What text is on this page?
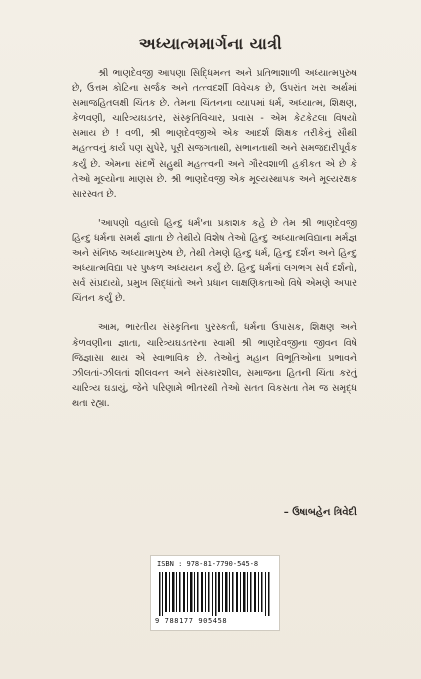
અધ્યાત્મમાર્ગના યાત્રી

શ્રી ભાણદેવજી આપણા સિદ્ધિમન્ત અને પ્રતિભાશાળી અધ્યાત્મપુરુષ છે, ઉત્તમ કોટિના સર્જક અને તત્ત્વદર્શી વિવેચક છે, ઉપરાંત ખરા અર્થમાં સમાજહિતલક્ષી ચિંતક છે. તેમના ચિંતનના વ્યાપમાં ધર્મ, અધ્યાત્મ, શિક્ષણ, કેળવણી, ચારિત્ર્યઘડતર, સંસ્કૃતિવિચાર, પ્રવાસ - એમ કેટકેટલા વિષયો સમાય છે ! વળી, શ્રી ભાણદેવજીએ એક આદર્શ શિક્ષક તરીકેનું સૌથી મહત્ત્વનું કાર્ય પણ સુપેરે, પૂરી સજગતાથી, સભાનતાથી અને સમજદારીપૂર્વક કર્યું છે. એમના સંદર્ભે સહુથી મહત્ત્વની અને ગૌરવશાળી હકીકત એ છે કે તેઓ મૂલ્યોના માણસ છે. શ્રી ભાણદેવજી એક મૂલ્યસ્થાપક અને મૂલ્યરક્ષક સારસ્વત છે.

'આપણો વહાલો હિન્દુ ધર્મ'ના પ્રકાશક કહે છે તેમ શ્રી ભાણદેવજી હિન્દુ ધર્મના સમર્થ જ્ઞાતા છે તેથીયે વિશેષ તેઓ હિન્દુ અધ્યાત્મવિદ્યાના મર્મજ્ઞ અને સંનિષ્ઠ અધ્યાત્મપુરુષ છે, તેથી તેમણે હિન્દુ ધર્મ, હિન્દુ દર્શન અને હિન્દુ અધ્યાત્મવિદ્યા પર પુષ્કળ અધ્યયન કર્યું છે. હિન્દુ ધર્મનાં લગભગ સર્વ દર્શનો, સર્વ સંપ્રદાયો, પ્રમુખ સિદ્ધાંતો અને પ્રધાન લાક્ષણિકતાઓ વિષે એમણે અપાર ચિંતન કર્યું છે.

આમ, ભારતીય સંસ્કૃતિના પુરસ્કર્તા, ધર્મના ઉપાસક, શિક્ષણ અને કેળવણીના જ્ઞાતા, ચારિત્ર્યઘડતરના સ્વામી શ્રી ભાણદેવજીના જીવન વિષે જિજ્ઞાસા થાય એ સ્વાભાવિક છે. તેઓનું મહાન વિભૂતિઓના પ્રભાવને ઝીલતાં-ઝીલતાં શીલવન્ત અને સંસ્કારશીલ, સમાજના હિતની ચિંતા કરતું ચારિત્ર્ય ઘડાયું, જેને પરિણામે ભીતરથી તેઓ સતત વિકસતા તેમ જ સમૃદ્ધ થતા રહ્યા.

– ઉષાબહેન ત્રિવેદી
ISBN : 978-81-7790-545-8
9 788177 905458
